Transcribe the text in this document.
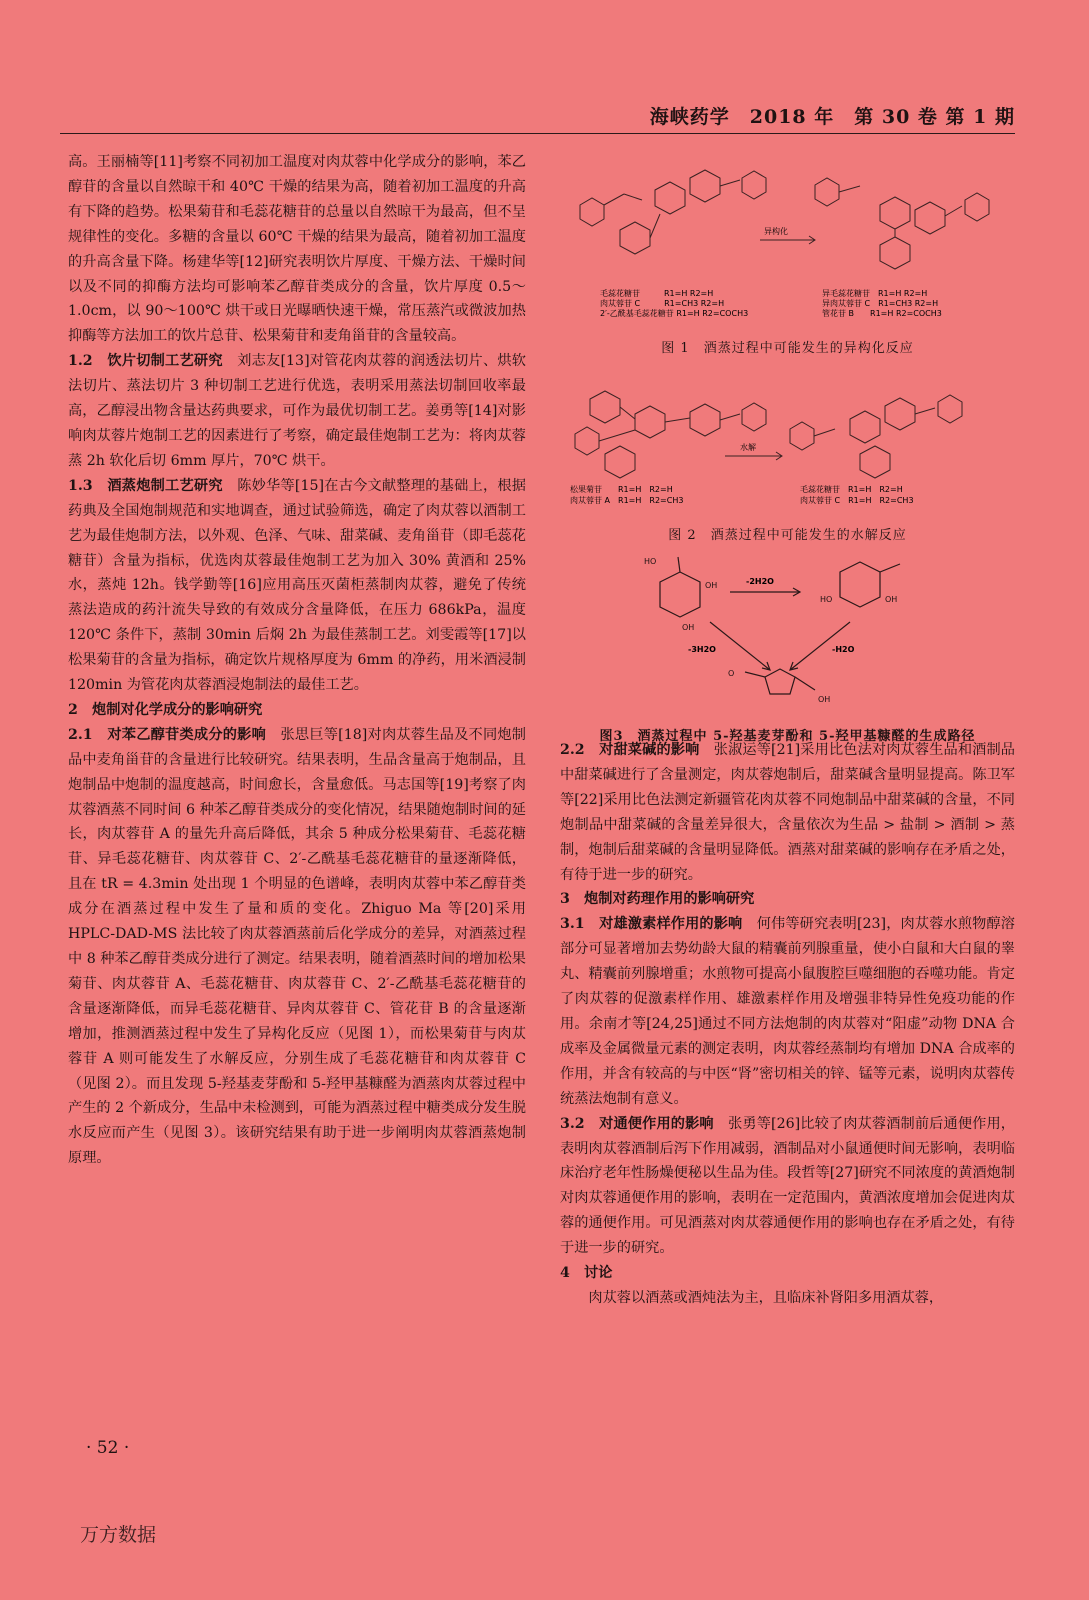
海峡药学　2018 年　第 30 卷 第 1 期

高。王丽楠等[11]考察不同初加工温度对肉苁蓉中化学成分的影响，苯乙醇苷的含量以自然晾干和 40℃ 干燥的结果为高，随着初加工温度的升高有下降的趋势。松果菊苷和毛蕊花糖苷的总量以自然晾干为最高，但不呈规律性的变化。多糖的含量以 60℃ 干燥的结果为最高，随着初加工温度的升高含量下降。杨建华等[12]研究表明饮片厚度、干燥方法、干燥时间以及不同的抑酶方法均可影响苯乙醇苷类成分的含量，饮片厚度 0.5～1.0cm，以 90～100℃ 烘干或日光曝晒快速干燥，常压蒸汽或微波加热抑酶等方法加工的饮片总苷、松果菊苷和麦角甾苷的含量较高。

1.2　 饮片切制工艺研究　 刘志友[13]对管花肉苁蓉的润透法切片、烘软法切片、蒸法切片 3 种切制工艺进行优选，表明采用蒸法切制回收率最高，乙醇浸出物含量达药典要求，可作为最优切制工艺。姜勇等[14]对影响肉苁蓉片炮制工艺的因素进行了考察，确定最佳炮制工艺为：将肉苁蓉蒸 2h 软化后切 6mm 厚片，70℃ 烘干。

1.3　 酒蒸炮制工艺研究　 陈妙华等[15]在古今文献整理的基础上，根据药典及全国炮制规范和实地调查，通过试验筛选，确定了肉苁蓉以酒制工艺为最佳炮制方法，以外观、色泽、气味、甜菜碱、麦角甾苷（即毛蕊花糖苷）含量为指标，优选肉苁蓉最佳炮制工艺为加入 30% 黄酒和 25% 水，蒸炖 12h。钱学勤等[16]应用高压灭菌柜蒸制肉苁蓉，避免了传统蒸法造成的药汁流失导致的有效成分含量降低，在压力 686kPa，温度 120℃ 条件下，蒸制 30min 后焖 2h 为最佳蒸制工艺。刘雯霞等[17]以松果菊苷的含量为指标，确定饮片规格厚度为 6mm 的净药，用米酒浸制 120min 为管花肉苁蓉酒浸炮制法的最佳工艺。

2　炮制对化学成分的影响研究

2.1　 对苯乙醇苷类成分的影响　 张思巨等[18]对肉苁蓉生品及不同炮制品中麦角甾苷的含量进行比较研究。结果表明，生品含量高于炮制品，且炮制品中炮制的温度越高，时间愈长，含量愈低。马志国等[19]考察了肉苁蓉酒蒸不同时间 6 种苯乙醇苷类成分的变化情况，结果随炮制时间的延长，肉苁蓉苷 A 的量先升高后降低，其余 5 种成分松果菊苷、毛蕊花糖苷、异毛蕊花糖苷、肉苁蓉苷 C、2′-乙酰基毛蕊花糖苷的量逐渐降低，且在 tR = 4.3min 处出现 1 个明显的色谱峰，表明肉苁蓉中苯乙醇苷类成分在酒蒸过程中发生了量和质的变化。Zhiguo Ma 等[20]采用 HPLC-DAD-MS 法比较了肉苁蓉酒蒸前后化学成分的差异，对酒蒸过程中 8 种苯乙醇苷类成分进行了测定。结果表明，随着酒蒸时间的增加松果菊苷、肉苁蓉苷 A、毛蕊花糖苷、肉苁蓉苷 C、2′-乙酰基毛蕊花糖苷的含量逐渐降低，而异毛蕊花糖苷、异肉苁蓉苷 C、管花苷 B 的含量逐渐增加，推测酒蒸过程中发生了异构化反应（见图 1），而松果菊苷与肉苁蓉苷 A 则可能发生了水解反应，分别生成了毛蕊花糖苷和肉苁蓉苷 C（见图 2）。而且发现 5-羟基麦芽酚和 5-羟甲基糠醛为酒蒸肉苁蓉过程中产生的 2 个新成分，生品中未检测到，可能为酒蒸过程中糖类成分发生脱水反应而产生（见图 3）。该研究结果有助于进一步阐明肉苁蓉酒蒸炮制原理。

异构化
毛蕊花糖苷　　　R1=H R2=H
肉苁蓉苷 C　　　R1=CH3 R2=H
2′-乙酰基毛蕊花糖苷 R1=H R2=COCH3
异毛蕊花糖苷　R1=H R2=H
异肉苁蓉苷 C　R1=CH3 R2=H
管花苷 B　　R1=H R2=COCH3
图 1　酒蒸过程中可能发生的异构化反应
水解
松果菊苷　　R1=H　R2=H
肉苁蓉苷 A　R1=H　R2=CH3
毛蕊花糖苷　R1=H　R2=H
肉苁蓉苷 C　R1=H　R2=CH3
图 2　酒蒸过程中可能发生的水解反应
HO
OH
OH
HO	OH
O
OH
-2H2O
-3H2O	-H2O
图3　酒蒸过程中 5-羟基麦芽酚和 5-羟甲基糠醛的生成路径

2.2　 对甜菜碱的影响　 张淑运等[21]采用比色法对肉苁蓉生品和酒制品中甜菜碱进行了含量测定，肉苁蓉炮制后，甜菜碱含量明显提高。陈卫军等[22]采用比色法测定新疆管花肉苁蓉不同炮制品中甜菜碱的含量，不同炮制品中甜菜碱的含量差异很大，含量依次为生品 > 盐制 > 酒制 > 蒸制，炮制后甜菜碱的含量明显降低。酒蒸对甜菜碱的影响存在矛盾之处，有待于进一步的研究。

3　炮制对药理作用的影响研究

3.1　 对雄激素样作用的影响　 何伟等研究表明[23]，肉苁蓉水煎物醇溶部分可显著增加去势幼龄大鼠的精囊前列腺重量，使小白鼠和大白鼠的睾丸、精囊前列腺增重；水煎物可提高小鼠腹腔巨噬细胞的吞噬功能。肯定了肉苁蓉的促激素样作用、雄激素样作用及增强非特异性免疫功能的作用。余南才等[24,25]通过不同方法炮制的肉苁蓉对“阳虚”动物 DNA 合成率及金属微量元素的测定表明，肉苁蓉经蒸制均有增加 DNA 合成率的作用，并含有较高的与中医“肾”密切相关的锌、锰等元素，说明肉苁蓉传统蒸法炮制有意义。

3.2　 对通便作用的影响　 张勇等[26]比较了肉苁蓉酒制前后通便作用，表明肉苁蓉酒制后泻下作用减弱，酒制品对小鼠通便时间无影响，表明临床治疗老年性肠燥便秘以生品为佳。段哲等[27]研究不同浓度的黄酒炮制对肉苁蓉通便作用的影响，表明在一定范围内，黄酒浓度增加会促进肉苁蓉的通便作用。可见酒蒸对肉苁蓉通便作用的影响也存在矛盾之处，有待于进一步的研究。

4　讨论

肉苁蓉以酒蒸或酒炖法为主，且临床补肾阳多用酒苁蓉，

· 52 ·
万方数据
